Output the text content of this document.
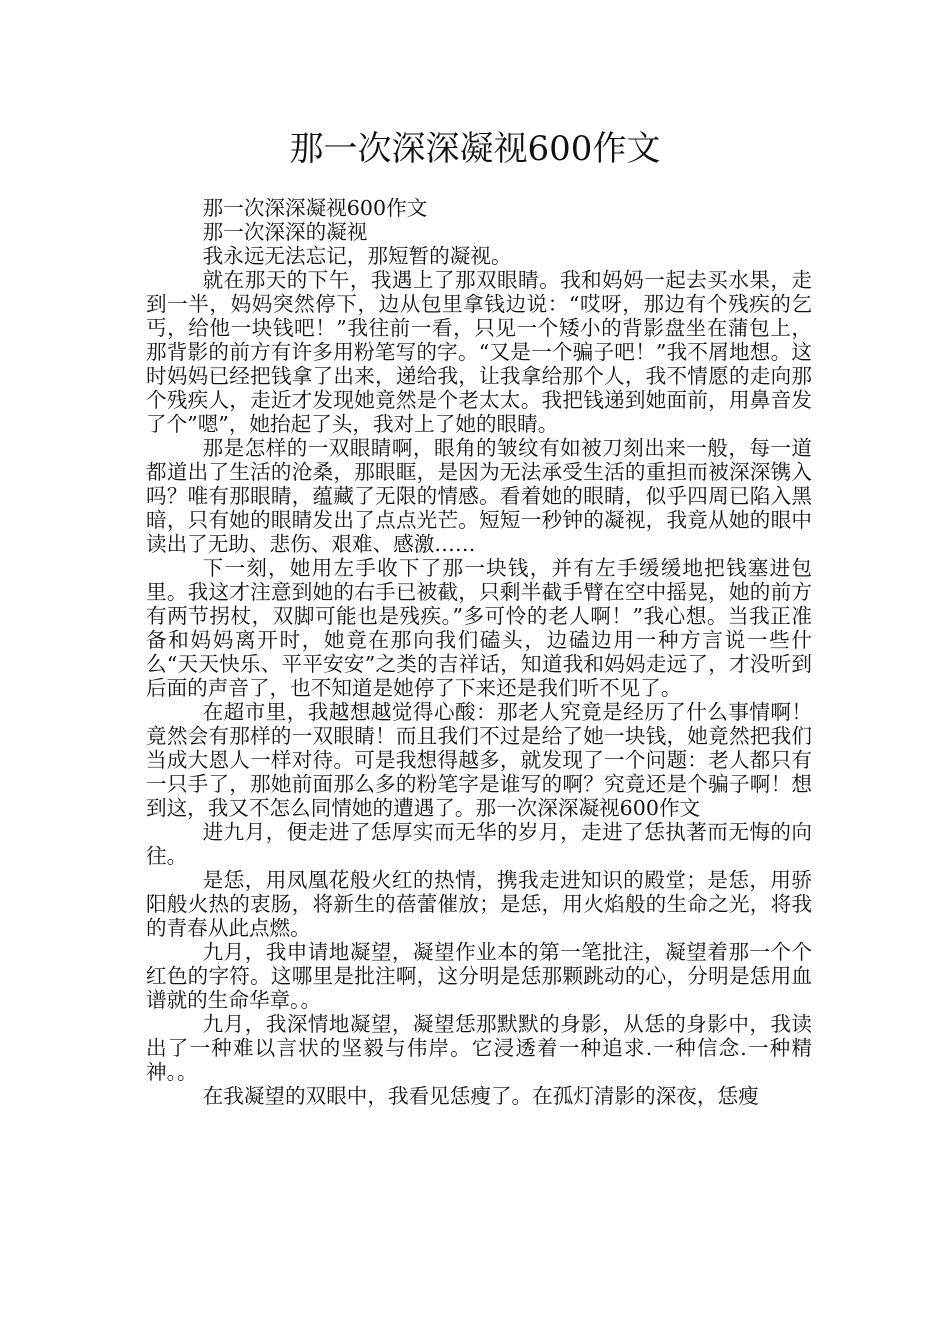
那一次深深凝视600作文

那一次深深凝视600作文

那一次深深的凝视

我永远无法忘记，那短暂的凝视。

就在那天的下午，我遇上了那双眼睛。我和妈妈一起去买水果，走到一半，妈妈突然停下，边从包里拿钱边说：“哎呀，那边有个残疾的乞丐，给他一块钱吧！”我往前一看，只见一个矮小的背影盘坐在蒲包上，那背影的前方有许多用粉笔写的字。“又是一个骗子吧！”我不屑地想。这时妈妈已经把钱拿了出来，递给我，让我拿给那个人，我不情愿的走向那个残疾人，走近才发现她竟然是个老太太。我把钱递到她面前，用鼻音发了个”嗯”，她抬起了头，我对上了她的眼睛。

那是怎样的一双眼睛啊，眼角的皱纹有如被刀刻出来一般，每一道都道出了生活的沧桑，那眼眶，是因为无法承受生活的重担而被深深镌入吗？唯有那眼睛，蕴藏了无限的情感。看着她的眼睛，似乎四周已陷入黑暗，只有她的眼睛发出了点点光芒。短短一秒钟的凝视，我竟从她的眼中读出了无助、悲伤、艰难、感激……

下一刻，她用左手收下了那一块钱，并有左手缓缓地把钱塞进包里。我这才注意到她的右手已被截，只剩半截手臂在空中摇晃，她的前方有两节拐杖，双脚可能也是残疾。”多可怜的老人啊！”我心想。当我正准备和妈妈离开时，她竟在那向我们磕头，边磕边用一种方言说一些什么“天天快乐、平平安安”之类的吉祥话，知道我和妈妈走远了，才没听到后面的声音了，也不知道是她停了下来还是我们听不见了。

在超市里，我越想越觉得心酸：那老人究竟是经历了什么事情啊！竟然会有那样的一双眼睛！而且我们不过是给了她一块钱，她竟然把我们当成大恩人一样对待。可是我想得越多，就发现了一个问题：老人都只有一只手了，那她前面那么多的粉笔字是谁写的啊？究竟还是个骗子啊！想到这，我又不怎么同情她的遭遇了。那一次深深凝视600作文

进九月，便走进了恁厚实而无华的岁月，走进了恁执著而无悔的向往。

是恁，用凤凰花般火红的热情，携我走进知识的殿堂；是恁，用骄阳般火热的衷肠，将新生的蓓蕾催放；是恁，用火焰般的生命之光，将我的青春从此点燃。

九月，我申请地凝望，凝望作业本的第一笔批注，凝望着那一个个红色的字符。这哪里是批注啊，这分明是恁那颗跳动的心，分明是恁用血谱就的生命华章。。

九月，我深情地凝望，凝望恁那默默的身影，从恁的身影中，我读出了一种难以言状的坚毅与伟岸。它浸透着一种追求.一种信念.一种精神。。

在我凝望的双眼中，我看见恁瘦了。在孤灯清影的深夜，恁瘦
